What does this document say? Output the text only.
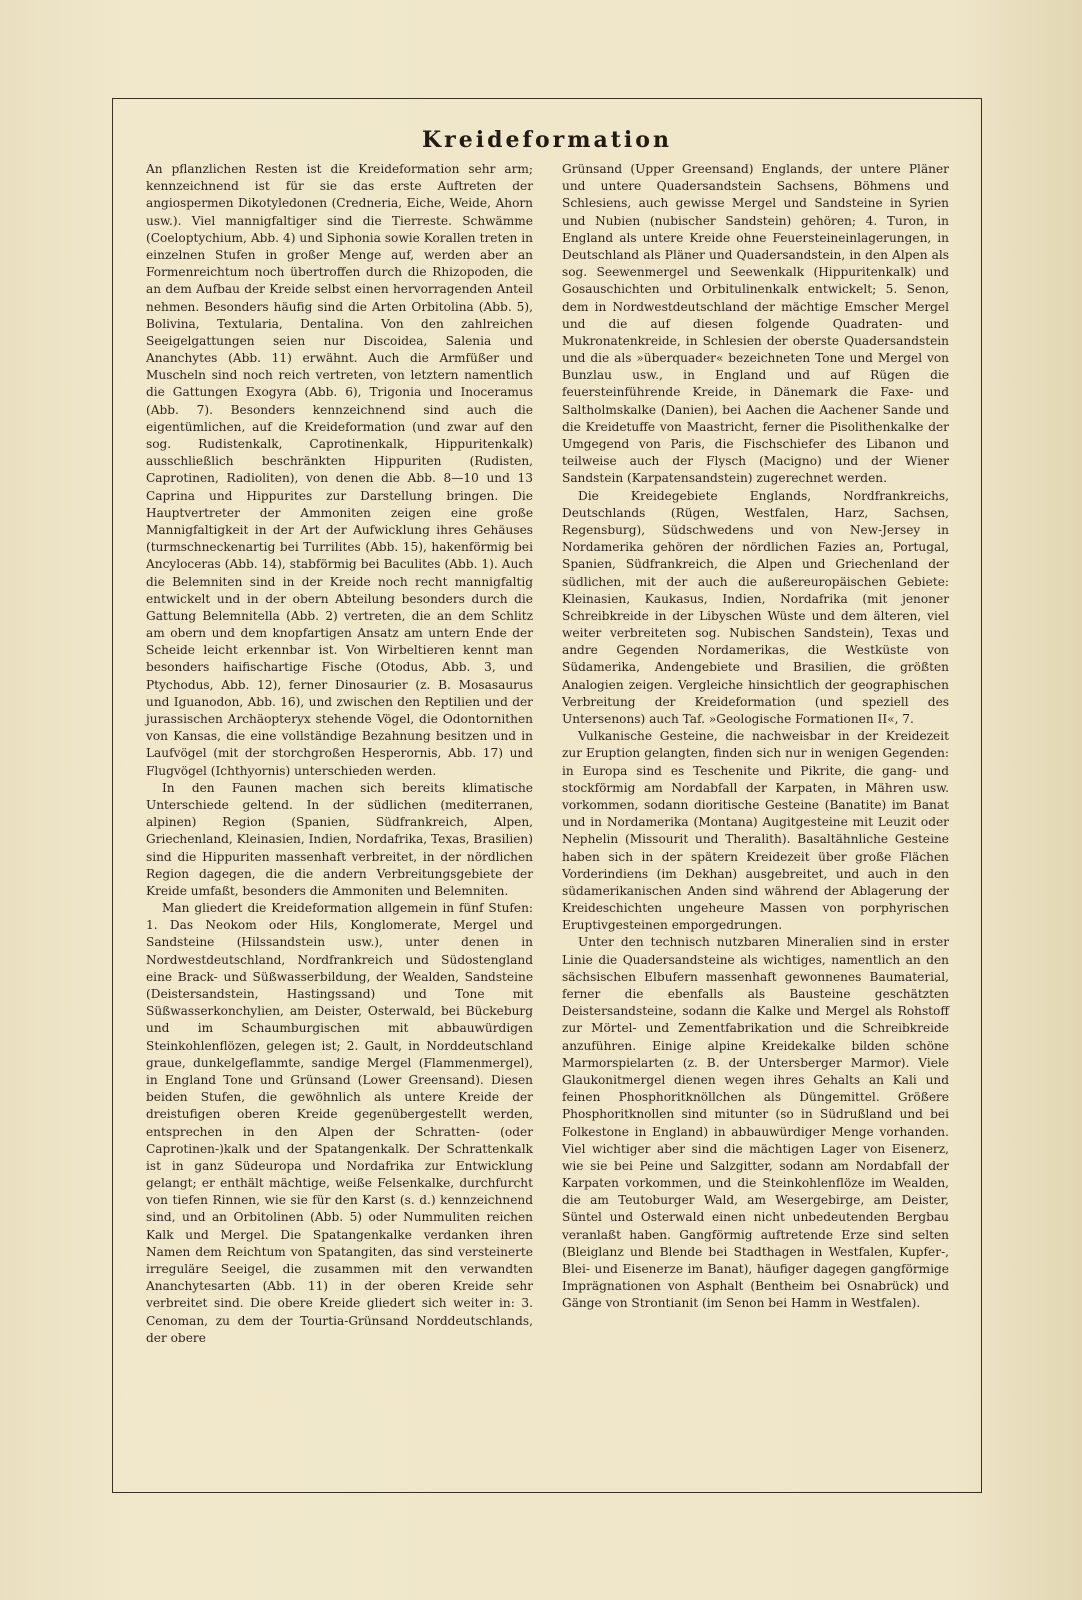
Kreideformation

An pflanzlichen Resten ist die Kreideformation sehr arm; kennzeichnend ist für sie das erste Auftreten der angiospermen Dikotyledonen (Credneria, Eiche, Weide, Ahorn usw.). Viel mannigfaltiger sind die Tierreste. Schwämme (Coeloptychium, Abb. 4) und Siphonia sowie Korallen treten in einzelnen Stufen in großer Menge auf, werden aber an Formenreichtum noch übertroffen durch die Rhizopoden, die an dem Aufbau der Kreide selbst einen hervorragenden Anteil nehmen. Besonders häufig sind die Arten Orbitolina (Abb. 5), Bolivina, Textularia, Dentalina. Von den zahlreichen Seeigelgattungen seien nur Discoidea, Salenia und Ananchytes (Abb. 11) erwähnt. Auch die Armfüßer und Muscheln sind noch reich vertreten, von letztern namentlich die Gattungen Exogyra (Abb. 6), Trigonia und Inoceramus (Abb. 7). Besonders kennzeichnend sind auch die eigentümlichen, auf die Kreideformation (und zwar auf den sog. Rudistenkalk, Caprotinenkalk, Hippuritenkalk) ausschließlich beschränkten Hippuriten (Rudisten, Caprotinen, Radioliten), von denen die Abb. 8—10 und 13 Caprina und Hippurites zur Darstellung bringen. Die Hauptvertreter der Ammoniten zeigen eine große Mannigfaltigkeit in der Art der Aufwicklung ihres Gehäuses (turmschneckenartig bei Turrilites (Abb. 15), hakenförmig bei Ancyloceras (Abb. 14), stabförmig bei Baculites (Abb. 1). Auch die Belemniten sind in der Kreide noch recht mannigfaltig entwickelt und in der obern Abteilung besonders durch die Gattung Belemnitella (Abb. 2) vertreten, die an dem Schlitz am obern und dem knopfartigen Ansatz am untern Ende der Scheide leicht erkennbar ist. Von Wirbeltieren kennt man besonders haifischartige Fische (Otodus, Abb. 3, und Ptychodus, Abb. 12), ferner Dinosaurier (z. B. Mosasaurus und Iguanodon, Abb. 16), und zwischen den Reptilien und der jurassischen Archäopteryx stehende Vögel, die Odontornithen von Kansas, die eine vollständige Bezahnung besitzen und in Laufvögel (mit der storchgroßen Hesperornis, Abb. 17) und Flugvögel (Ichthyornis) unterschieden werden.

In den Faunen machen sich bereits klimatische Unterschiede geltend. In der südlichen (mediterranen, alpinen) Region (Spanien, Südfrankreich, Alpen, Griechenland, Kleinasien, Indien, Nordafrika, Texas, Brasilien) sind die Hippuriten massenhaft verbreitet, in der nördlichen Region dagegen, die die andern Verbreitungsgebiete der Kreide umfaßt, besonders die Ammoniten und Belemniten.

Man gliedert die Kreideformation allgemein in fünf Stufen: 1. Das Neokom oder Hils, Konglomerate, Mergel und Sandsteine (Hilssandstein usw.), unter denen in Nordwestdeutschland, Nordfrankreich und Südostengland eine Brack- und Süßwasserbildung, der Wealden, Sandsteine (Deistersandstein, Hastingssand) und Tone mit Süßwasserkonchylien, am Deister, Osterwald, bei Bückeburg und im Schaumburgischen mit abbauwürdigen Steinkohlenflözen, gelegen ist; 2. Gault, in Norddeutschland graue, dunkelgeflammte, sandige Mergel (Flammenmergel), in England Tone und Grünsand (Lower Greensand). Diesen beiden Stufen, die gewöhnlich als untere Kreide der dreistufigen oberen Kreide gegenübergestellt werden, entsprechen in den Alpen der Schratten- (oder Caprotinen-)kalk und der Spatangenkalk. Der Schrattenkalk ist in ganz Südeuropa und Nordafrika zur Entwicklung gelangt; er enthält mächtige, weiße Felsenkalke, durchfurcht von tiefen Rinnen, wie sie für den Karst (s. d.) kennzeichnend sind, und an Orbitolinen (Abb. 5) oder Nummuliten reichen Kalk und Mergel. Die Spatangenkalke verdanken ihren Namen dem Reichtum von Spatangiten, das sind versteinerte irreguläre Seeigel, die zusammen mit den verwandten Ananchytesarten (Abb. 11) in der oberen Kreide sehr verbreitet sind. Die obere Kreide gliedert sich weiter in: 3. Cenoman, zu dem der Tourtia-Grünsand Norddeutschlands, der obere

Grünsand (Upper Greensand) Englands, der untere Pläner und untere Quadersandstein Sachsens, Böhmens und Schlesiens, auch gewisse Mergel und Sandsteine in Syrien und Nubien (nubischer Sandstein) gehören; 4. Turon, in England als untere Kreide ohne Feuersteineinlagerungen, in Deutschland als Pläner und Quadersandstein, in den Alpen als sog. Seewenmergel und Seewenkalk (Hippuritenkalk) und Gosauschichten und Orbitulinenkalk entwickelt; 5. Senon, dem in Nordwestdeutschland der mächtige Emscher Mergel und die auf diesen folgende Quadraten- und Mukronatenkreide, in Schlesien der oberste Quadersandstein und die als »überquader« bezeichneten Tone und Mergel von Bunzlau usw., in England und auf Rügen die feuersteinführende Kreide, in Dänemark die Faxe- und Saltholmskalke (Danien), bei Aachen die Aachener Sande und die Kreidetuffe von Maastricht, ferner die Pisolithenkalke der Umgegend von Paris, die Fischschiefer des Libanon und teilweise auch der Flysch (Macigno) und der Wiener Sandstein (Karpatensandstein) zugerechnet werden.

Die Kreidegebiete Englands, Nordfrankreichs, Deutschlands (Rügen, Westfalen, Harz, Sachsen, Regensburg), Südschwedens und von New-Jersey in Nordamerika gehören der nördlichen Fazies an, Portugal, Spanien, Südfrankreich, die Alpen und Griechenland der südlichen, mit der auch die außereuropäischen Gebiete: Kleinasien, Kaukasus, Indien, Nordafrika (mit jenoner Schreibkreide in der Libyschen Wüste und dem älteren, viel weiter verbreiteten sog. Nubischen Sandstein), Texas und andre Gegenden Nordamerikas, die Westküste von Südamerika, Andengebiete und Brasilien, die größten Analogien zeigen. Vergleiche hinsichtlich der geographischen Verbreitung der Kreideformation (und speziell des Untersenons) auch Taf. »Geologische Formationen II«, 7.

Vulkanische Gesteine, die nachweisbar in der Kreidezeit zur Eruption gelangten, finden sich nur in wenigen Gegenden: in Europa sind es Teschenite und Pikrite, die gang- und stockförmig am Nordabfall der Karpaten, in Mähren usw. vorkommen, sodann dioritische Gesteine (Banatite) im Banat und in Nordamerika (Montana) Augitgesteine mit Leuzit oder Nephelin (Missourit und Theralith). Basaltähnliche Gesteine haben sich in der spätern Kreidezeit über große Flächen Vorderindiens (im Dekhan) ausgebreitet, und auch in den südamerikanischen Anden sind während der Ablagerung der Kreideschichten ungeheure Massen von porphyrischen Eruptivgesteinen emporgedrungen.

Unter den technisch nutzbaren Mineralien sind in erster Linie die Quadersandsteine als wichtiges, namentlich an den sächsischen Elbufern massenhaft gewonnenes Baumaterial, ferner die ebenfalls als Bausteine geschätzten Deistersandsteine, sodann die Kalke und Mergel als Rohstoff zur Mörtel- und Zementfabrikation und die Schreibkreide anzuführen. Einige alpine Kreidekalke bilden schöne Marmorspielarten (z. B. der Untersberger Marmor). Viele Glaukonitmergel dienen wegen ihres Gehalts an Kali und feinen Phosphoritknöllchen als Düngemittel. Größere Phosphoritknollen sind mitunter (so in Südrußland und bei Folkestone in England) in abbauwürdiger Menge vorhanden. Viel wichtiger aber sind die mächtigen Lager von Eisenerz, wie sie bei Peine und Salzgitter, sodann am Nordabfall der Karpaten vorkommen, und die Steinkohlenflöze im Wealden, die am Teutoburger Wald, am Wesergebirge, am Deister, Süntel und Osterwald einen nicht unbedeutenden Bergbau veranlaßt haben. Gangförmig auftretende Erze sind selten (Bleiglanz und Blende bei Stadthagen in Westfalen, Kupfer-, Blei- und Eisenerze im Banat), häufiger dagegen gangförmige Imprägnationen von Asphalt (Bentheim bei Osnabrück) und Gänge von Strontianit (im Senon bei Hamm in Westfalen).
